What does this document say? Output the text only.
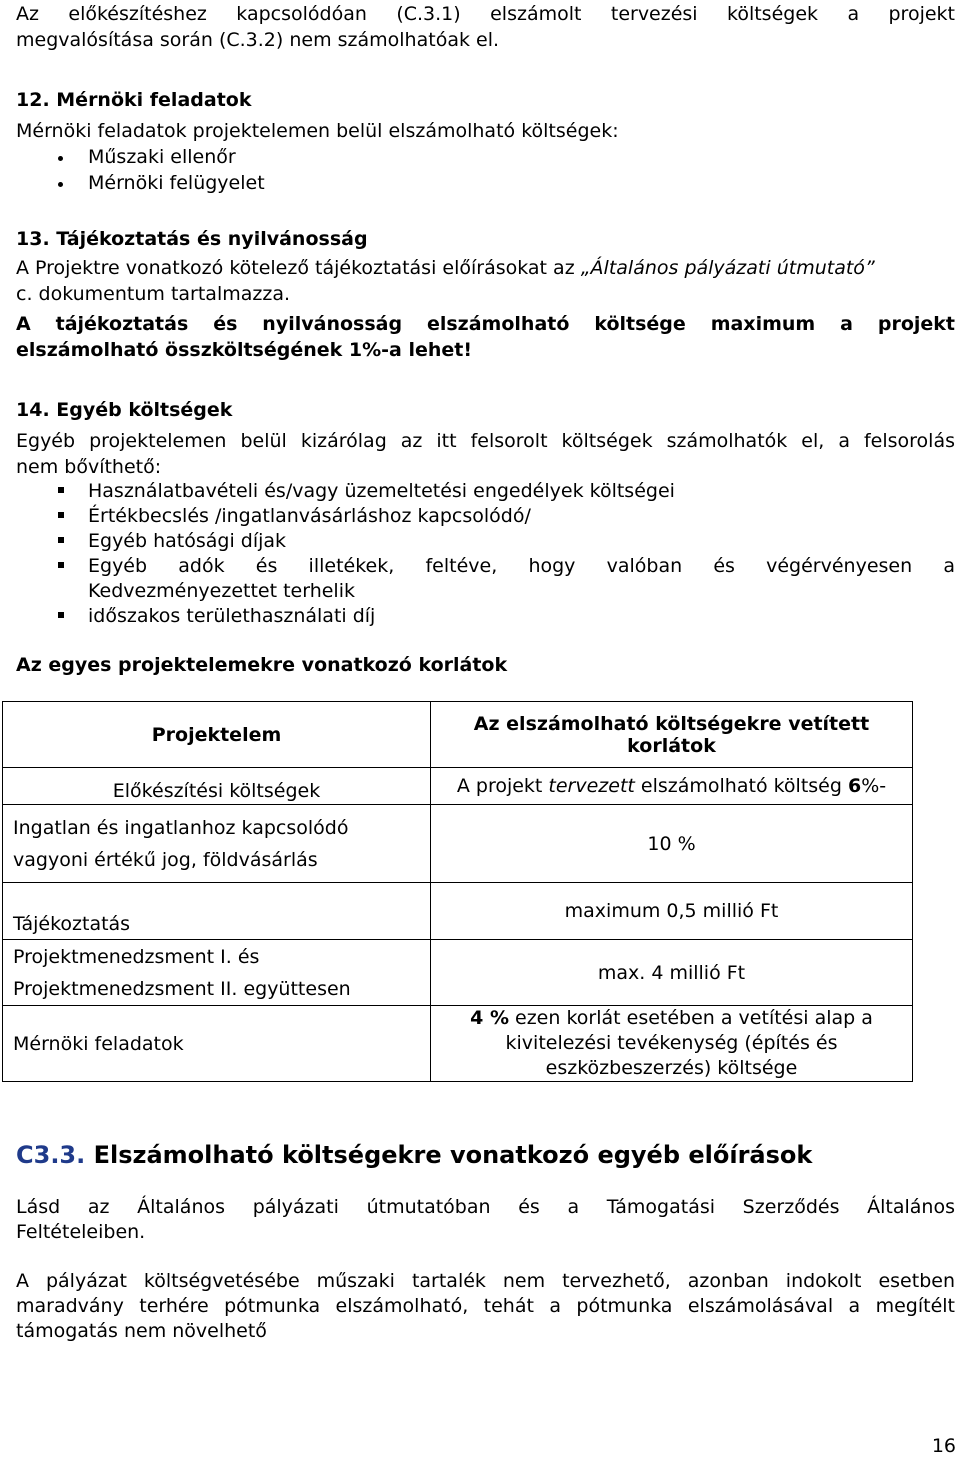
Az előkészítéshez kapcsolódóan (C.3.1) elszámolt tervezési költségek a projekt
megvalósítása során (C.3.2) nem számolhatóak el.
12. Mérnöki feladatok
Mérnöki feladatok projektelemen belül elszámolható költségek:
Műszaki ellenőr
Mérnöki felügyelet
13. Tájékoztatás és nyilvánosság
A Projektre vonatkozó kötelező tájékoztatási előírásokat az „Általános pályázati útmutató”
c. dokumentum tartalmazza.
A tájékoztatás és nyilvánosság elszámolható költsége maximum a projekt
elszámolható összköltségének 1%-a lehet!
14. Egyéb költségek
Egyéb projektelemen belül kizárólag az itt felsorolt költségek számolhatók el, a felsorolás
nem bővíthető:
Használatbavételi és/vagy üzemeltetési engedélyek költségei
Értékbecslés /ingatlanvásárláshoz kapcsolódó/
Egyéb hatósági díjak
Egyéb adók és illetékek, feltéve, hogy valóban és végérvényesen a
Kedvezményezettet terhelik
időszakos területhasználati díj
Az egyes projektelemekre vonatkozó korlátok
Projektelem	Az elszámolható költségekre vetített
korlátok

Előkészítési költségek	A projekt tervezett elszámolható költség 6%-

Ingatlan és ingatlanhoz kapcsolódó
vagyoni értékű jog, földvásárlás	10 %
Tájékoztatás	maximum 0,5 millió Ft

Projektmenedzsment I. és
Projektmenedzsment II. együttesen	max. 4 millió Ft
Mérnöki feladatok	4 % ezen korlát esetében a vetítési alap a
kivitelezési tevékenység (építés és
eszközbeszerzés) költsége
C3.3. Elszámolható költségekre vonatkozó egyéb előírások
Lásd az Általános pályázati útmutatóban és a Támogatási Szerződés Általános
Feltételeiben.
A pályázat költségvetésébe műszaki tartalék nem tervezhető, azonban indokolt esetben
maradvány terhére pótmunka elszámolható, tehát a pótmunka elszámolásával a megítélt
támogatás nem növelhető
16
